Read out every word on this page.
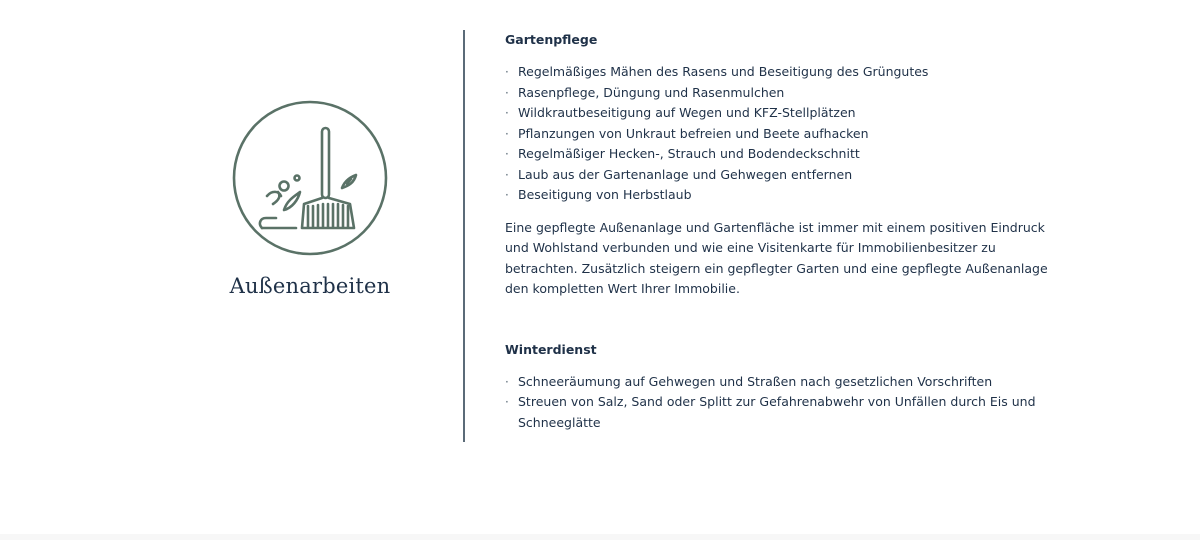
Außenarbeiten
Gartenpflege
· Regelmäßiges Mähen des Rasens und Beseitigung des Grüngutes
· Rasenpflege, Düngung und Rasenmulchen
· Wildkrautbeseitigung auf Wegen und KFZ-Stellplätzen
· Pflanzungen von Unkraut befreien und Beete aufhacken
· Regelmäßiger Hecken-, Strauch und Bodendeckschnitt
· Laub aus der Gartenanlage und Gehwegen entfernen
· Beseitigung von Herbstlaub

Eine gepflegte Außenanlage und Gartenfläche ist immer mit einem positiven Eindruck und Wohlstand verbunden und wie eine Visitenkarte für Immobilienbesitzer zu betrachten. Zusätzlich steigern ein gepflegter Garten und eine gepflegte Außenanlage den kompletten Wert Ihrer Immobilie.

Winterdienst
· Schneeräumung auf Gehwegen und Straßen nach gesetzlichen Vorschriften
· Streuen von Salz, Sand oder Splitt zur Gefahrenabwehr von Unfällen durch Eis und Schneeglätte
